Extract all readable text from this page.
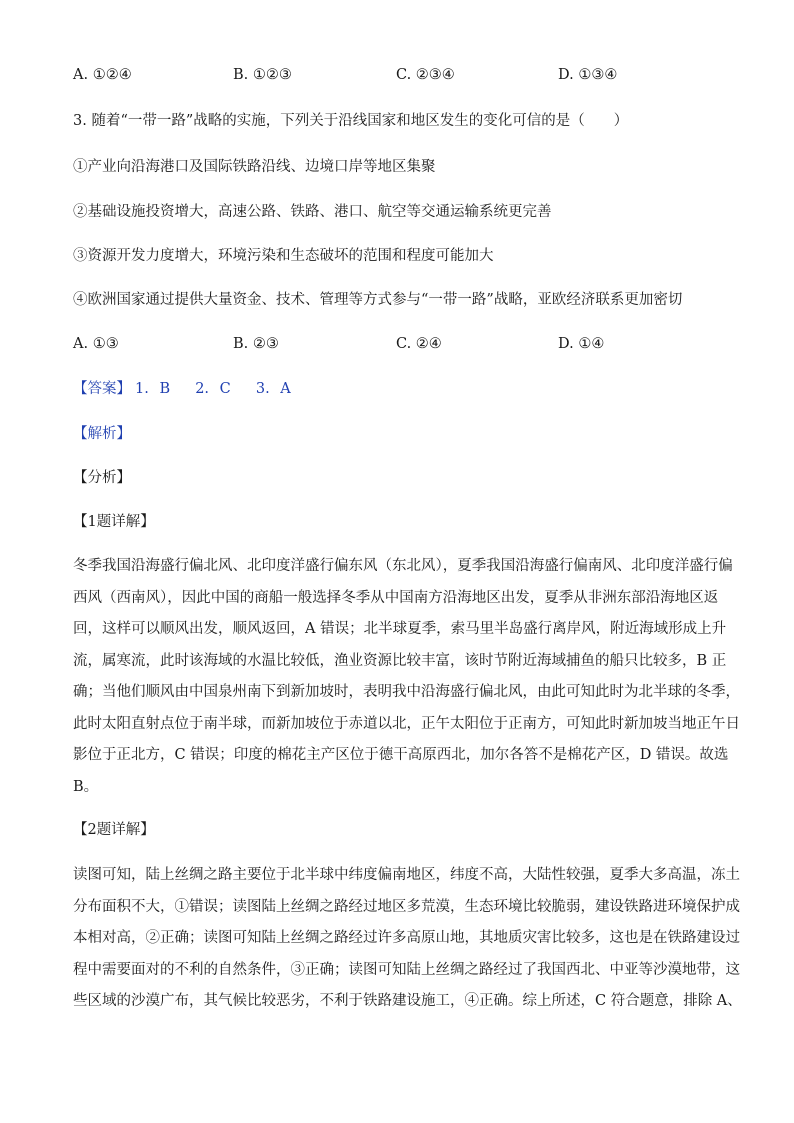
A. ①②④	B. ①②③	C. ②③④	D. ①③④
3. 随着“一带一路”战略的实施，下列关于沿线国家和地区发生的变化可信的是（　　）
①产业向沿海港口及国际铁路沿线、边境口岸等地区集聚
②基础设施投资增大，高速公路、铁路、港口、航空等交通运输系统更完善
③资源开发力度增大，环境污染和生态破坏的范围和程度可能加大
④欧洲国家通过提供大量资金、技术、管理等方式参与“一带一路”战略，亚欧经济联系更加密切
A. ①③	B. ②③	C. ②④	D. ①④
【答案】 1. B　 2. C　 3. A
【解析】
【分析】
【1题详解】
冬季我国沿海盛行偏北风、北印度洋盛行偏东风（东北风），夏季我国沿海盛行偏南风、北印度洋盛行偏
西风（西南风），因此中国的商船一般选择冬季从中国南方沿海地区出发，夏季从非洲东部沿海地区返
回，这样可以顺风出发，顺风返回，A 错误；北半球夏季，索马里半岛盛行离岸风，附近海域形成上升
流，属寒流，此时该海域的水温比较低，渔业资源比较丰富，该时节附近海域捕鱼的船只比较多，B 正
确；当他们顺风由中国泉州南下到新加坡时，表明我中沿海盛行偏北风，由此可知此时为北半球的冬季，
此时太阳直射点位于南半球，而新加坡位于赤道以北，正午太阳位于正南方，可知此时新加坡当地正午日
影位于正北方，C 错误；印度的棉花主产区位于德干高原西北，加尔各答不是棉花产区，D 错误。故选
B。
【2题详解】
读图可知，陆上丝绸之路主要位于北半球中纬度偏南地区，纬度不高，大陆性较强，夏季大多高温，冻土
分布面积不大，①错误；读图陆上丝绸之路经过地区多荒漠，生态环境比较脆弱，建设铁路进环境保护成
本相对高，②正确；读图可知陆上丝绸之路经过许多高原山地，其地质灾害比较多，这也是在铁路建设过
程中需要面对的不利的自然条件，③正确；读图可知陆上丝绸之路经过了我国西北、中亚等沙漠地带，这
些区域的沙漠广布，其气候比较恶劣，不利于铁路建设施工，④正确。综上所述，C 符合题意，排除 A、
